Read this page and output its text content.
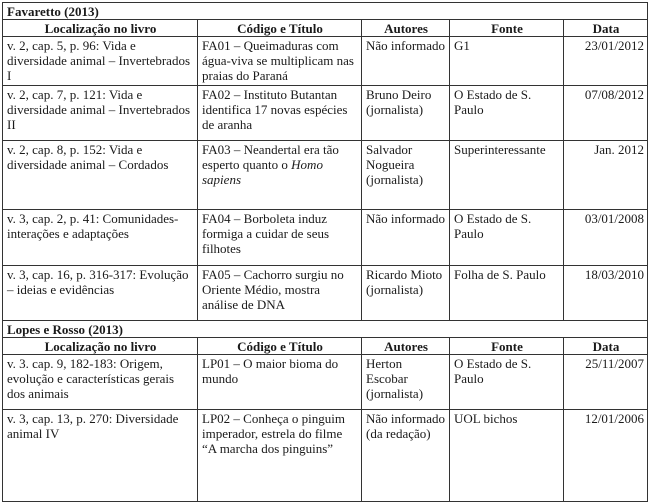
Favaretto (2013)				
Localização no livro	Código e Título	Autores	Fonte	Data
v. 2, cap. 5, p. 96: Vida e diversidade animal – Invertebrados I	FA01 – Queimaduras com água-viva se multiplicam nas praias do Paraná	Não informado	G1	23/01/2012
v. 2, cap. 7, p. 121: Vida e diversidade animal – Invertebrados II	FA02 – Instituto Butantan identifica 17 novas espécies de aranha	Bruno Deiro (jornalista)	O Estado de S. Paulo	07/08/2012
v. 2, cap. 8, p. 152: Vida e diversidade animal – Cordados	FA03 – Neandertal era tão esperto quanto o Homo sapiens	Salvador Nogueira (jornalista)	Superinteressante	Jan. 2012
v. 3, cap. 2, p. 41: Comunidades- interações e adaptações	FA04 – Borboleta induz formiga a cuidar de seus filhotes	Não informado	O Estado de S. Paulo	03/01/2008
v. 3, cap. 16, p. 316-317: Evolução – ideias e evidências	FA05 – Cachorro surgiu no Oriente Médio, mostra análise de DNA	Ricardo Mioto (jornalista)	Folha de S. Paulo	18/03/2010
Lopes e Rosso (2013)				
Localização no livro	Código e Título	Autores	Fonte	Data
v. 3. cap. 9, 182-183: Origem, evolução e características gerais dos animais	LP01 – O maior bioma do mundo	Herton Escobar (jornalista)	O Estado de S. Paulo	25/11/2007
v. 3, cap. 13, p. 270: Diversidade animal IV	LP02 – Conheça o pinguim imperador, estrela do filme “A marcha dos pinguins”	Não informado (da redação)	UOL bichos	12/01/2006
